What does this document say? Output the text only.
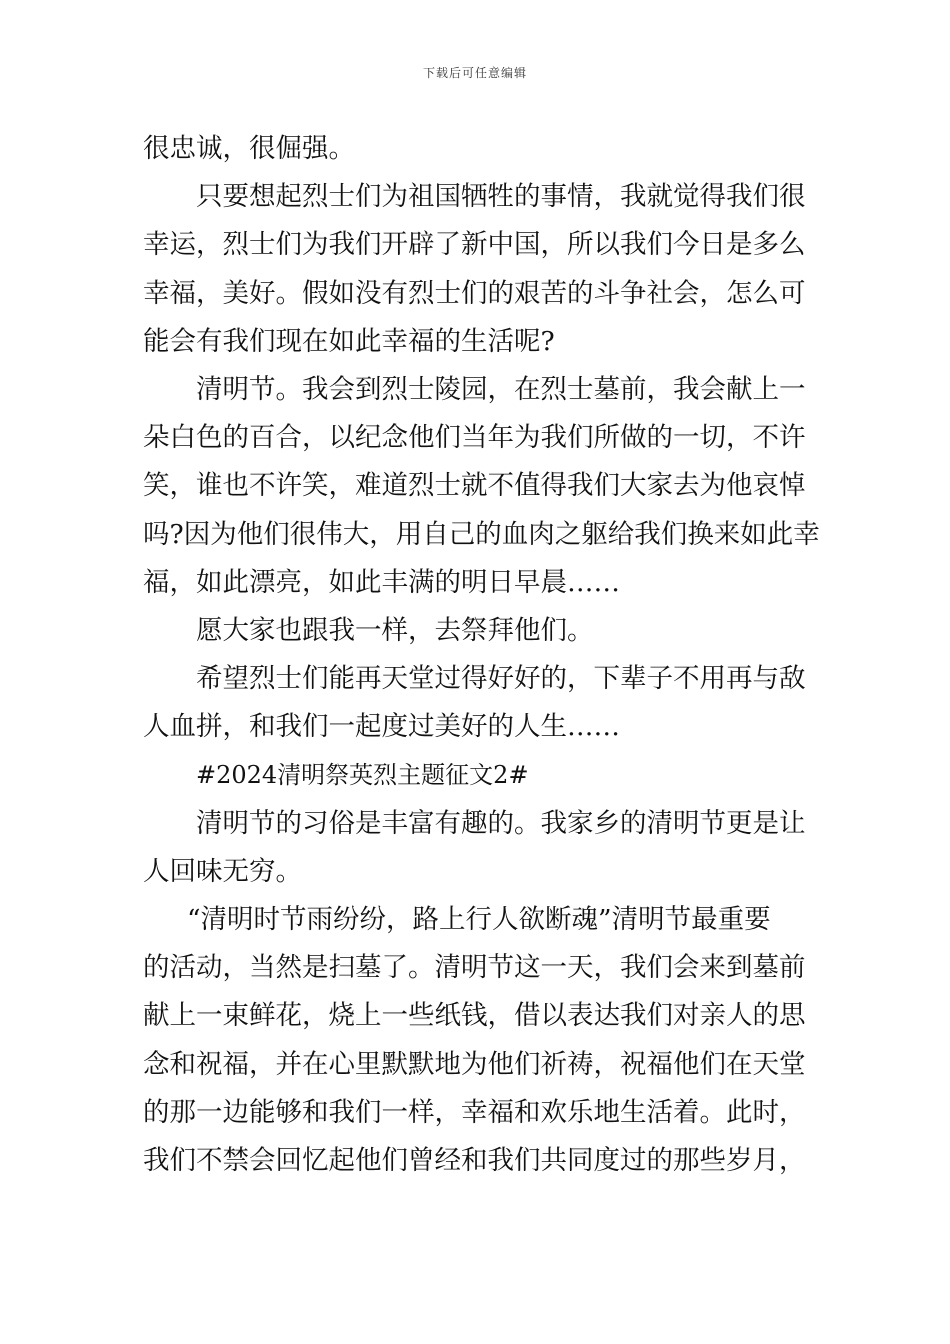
下载后可任意编辑
很忠诚，很倔强。
只要想起烈士们为祖国牺牲的事情，我就觉得我们很
幸运，烈士们为我们开辟了新中国，所以我们今日是多么
幸福，美好。假如没有烈士们的艰苦的斗争社会，怎么可
能会有我们现在如此幸福的生活呢?
清明节。我会到烈士陵园，在烈士墓前，我会献上一
朵白色的百合，以纪念他们当年为我们所做的一切，不许
笑，谁也不许笑，难道烈士就不值得我们大家去为他哀悼
吗?因为他们很伟大，用自己的血肉之躯给我们换来如此幸
福，如此漂亮，如此丰满的明日早晨……
愿大家也跟我一样，去祭拜他们。
希望烈士们能再天堂过得好好的，下辈子不用再与敌
人血拼，和我们一起度过美好的人生……
#2024清明祭英烈主题征文2#
清明节的习俗是丰富有趣的。我家乡的清明节更是让
人回味无穷。
“清明时节雨纷纷，路上行人欲断魂”清明节最重要
的活动，当然是扫墓了。清明节这一天，我们会来到墓前
献上一束鲜花，烧上一些纸钱，借以表达我们对亲人的思
念和祝福，并在心里默默地为他们祈祷，祝福他们在天堂
的那一边能够和我们一样，幸福和欢乐地生活着。此时，
我们不禁会回忆起他们曾经和我们共同度过的那些岁月，
